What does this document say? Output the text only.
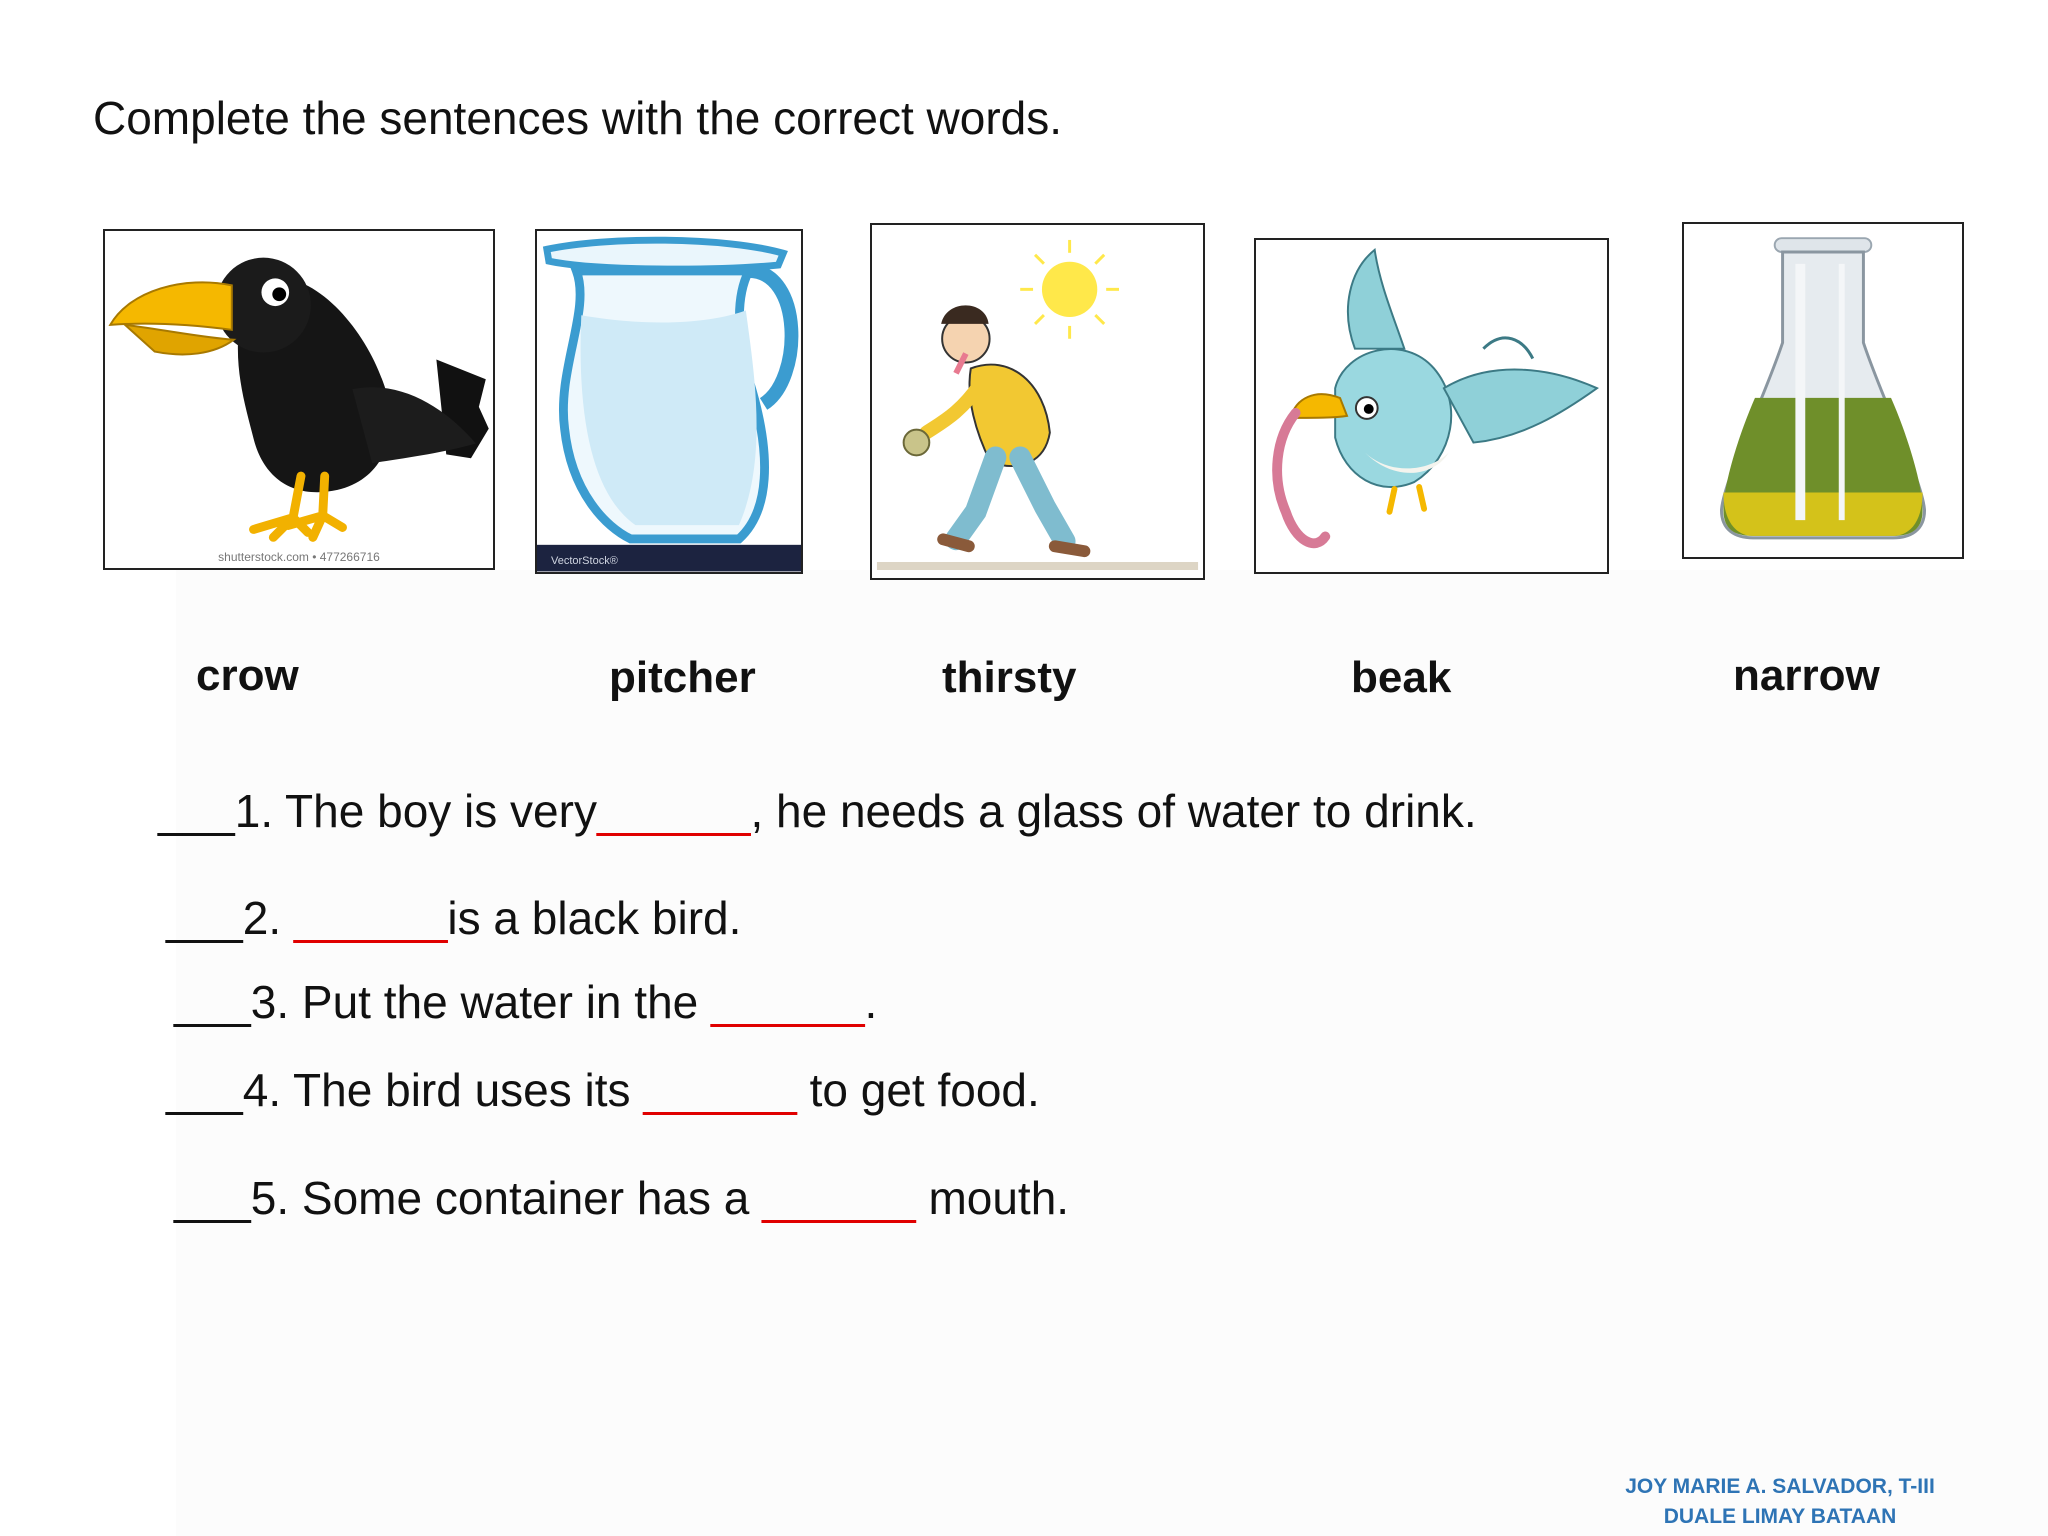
Complete the sentences with the correct words.
shutterstock.com • 477266716	VectorStock®
crow	pitcher	thirsty	beak	narrow
___1. The boy is very______, he needs a glass of water to drink.
___2. ______is a black bird.
___3. Put the water in the ______.
___4. The bird uses its ______ to get food.
___5. Some container has a ______ mouth.
JOY MARIE A. SALVADOR, T-III
DUALE LIMAY BATAAN
